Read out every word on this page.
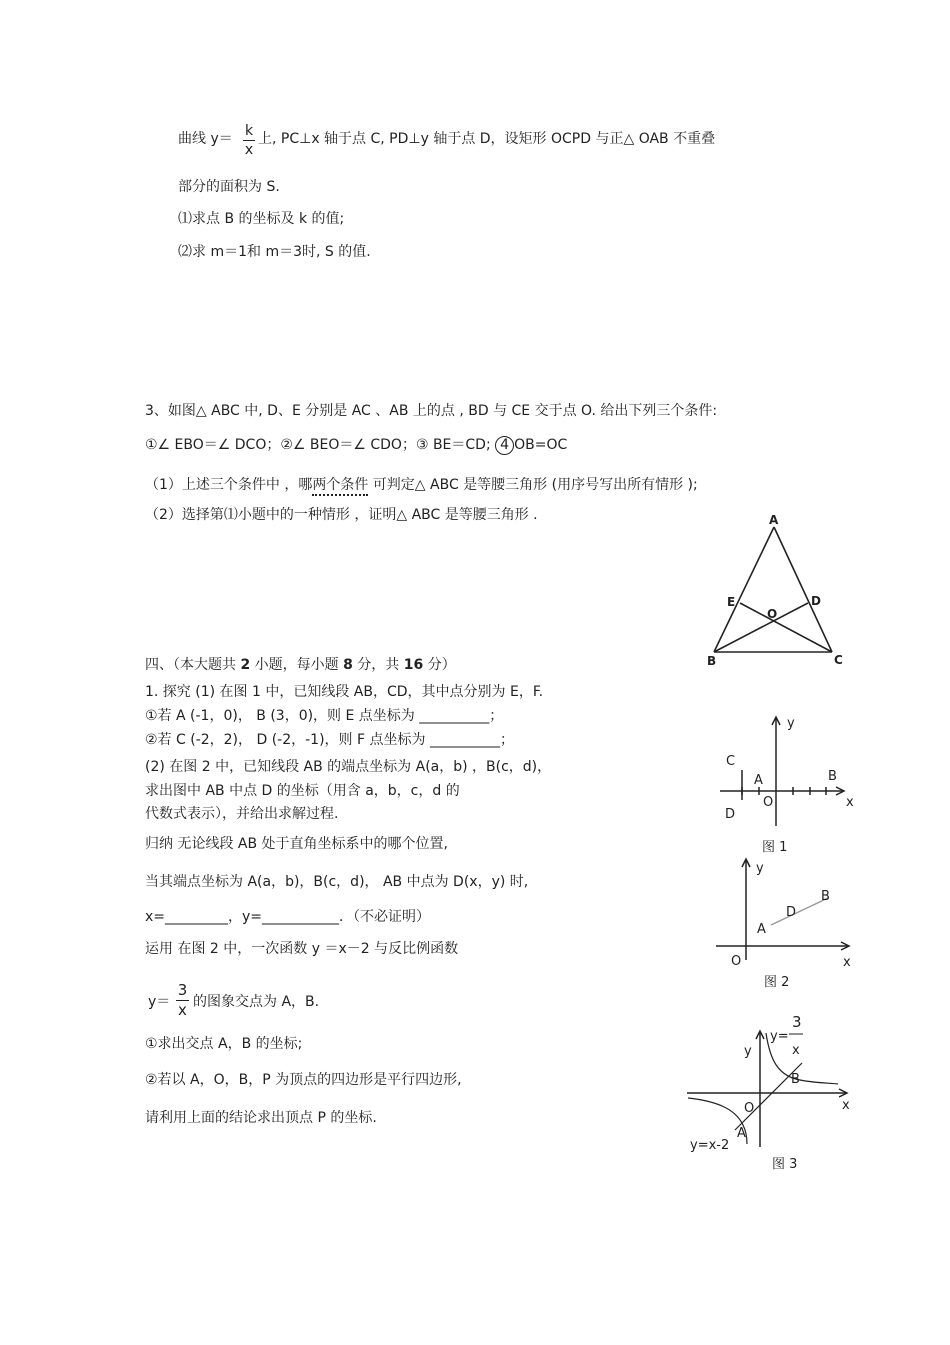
曲线 y＝ k
x
上, PC⊥x 轴于点 C, PD⊥y 轴于点 D，设矩形 OCPD 与正△ OAB 不重叠
部分的面积为 S.
⑴求点 B 的坐标及 k 的值;
⑵求 m＝1和 m＝3时, S 的值.
3、如图△ ABC 中, D、E 分别是 AC 、AB 上的点 , BD 与 CE 交于点 O. 给出下列三个条件:
①∠ EBO＝∠ DCO；②∠ BEO＝∠ CDO；③ BE＝CD; 4 OB=OC
（1）上述三个条件中 ，哪两个条件 可判定△ ABC 是等腰三角形 (用序号写出所有情形 );
（2）选择第⑴小题中的一种情形 ，证明△ ABC 是等腰三角形 .	A
B	C
D
E
O
四、（本大题共 2 小题，每小题 8 分，共 16 分）
1. 探究 (1) 在图 1 中，已知线段 AB，CD，其中点分别为 E，F.
①若 A (-1，0)， B (3，0)，则 E 点坐标为 __________；
②若 C (-2，2)， D (-2，-1)，则 F 点坐标为 __________；
(2) 在图 2 中，已知线段 AB 的端点坐标为 A(a，b) ，B(c，d)，
求出图中 AB 中点 D 的坐标（用含 a，b，c，d 的
代数式表示），并给出求解过程.
归纳 无论线段 AB 处于直角坐标系中的哪个位置,
当其端点坐标为 A(a，b)，B(c，d)， AB 中点为 D(x，y) 时,
x=_________，y=___________．（不必证明）
运用 在图 2 中，一次函数 y ＝x－2 与反比例函数
y＝
3
x 的图象交点为 A，B.
①求出交点 A，B 的坐标;
②若以 A，O，B，P 为顶点的四边形是平行四边形,
请利用上面的结论求出顶点 P 的坐标.
y
x
O
A	B
C
D
图 1
y
x
O
A
D
B
图 2
y=
3
x
y
x
O
B
A
y=x-2
图 3
